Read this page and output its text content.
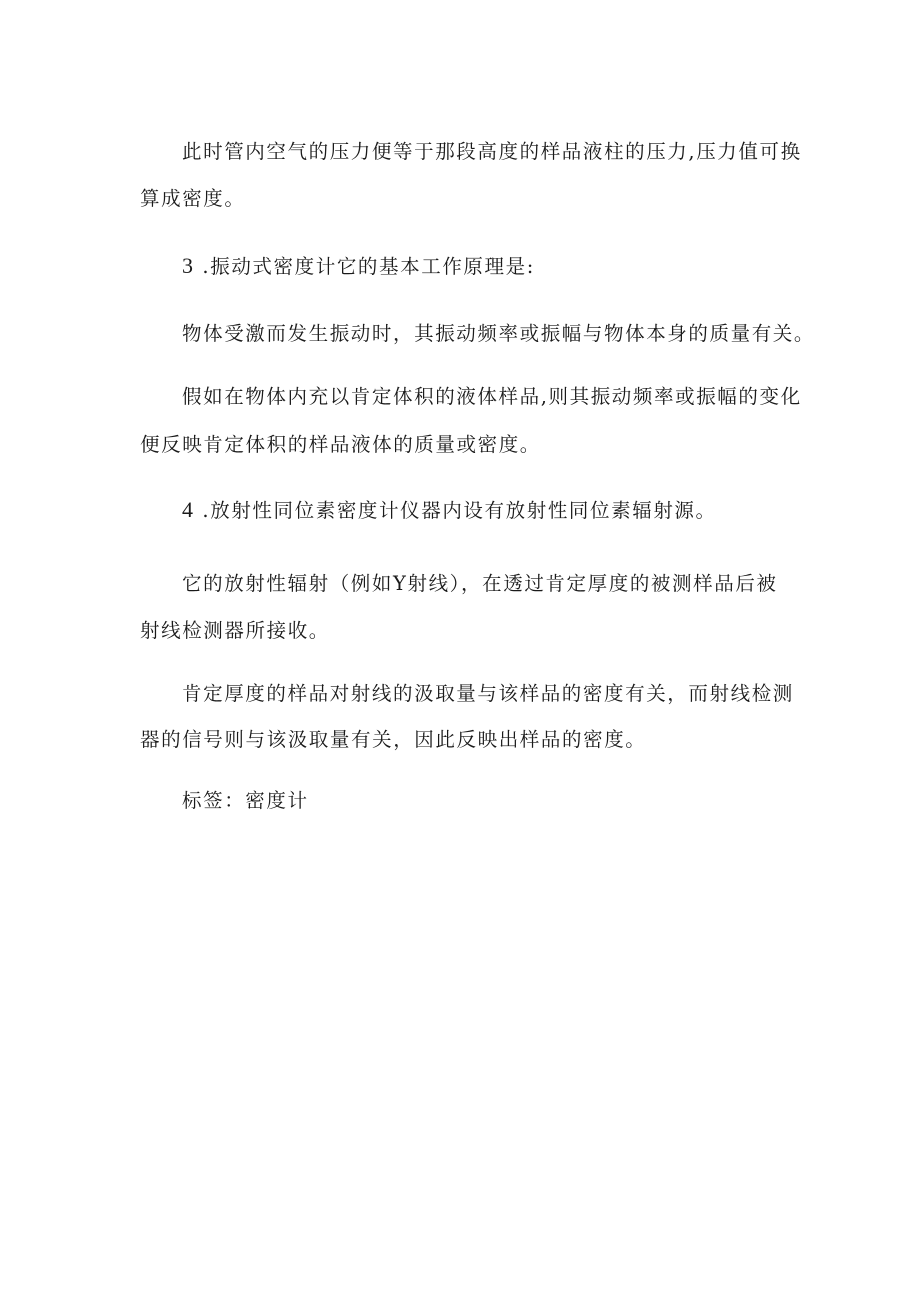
此时管内空气的压力便等于那段高度的样品液柱的压力,压力值可换
算成密度。
3 .振动式密度计它的基本工作原理是:
物体受激而发生振动时，其振动频率或振幅与物体本身的质量有关。
假如在物体内充以肯定体积的液体样品,则其振动频率或振幅的变化
便反映肯定体积的样品液体的质量或密度。
4 .放射性同位素密度计仪器内设有放射性同位素辐射源。
它的放射性辐射（例如Y射线），在透过肯定厚度的被测样品后被
射线检测器所接收。
肯定厚度的样品对射线的汲取量与该样品的密度有关，而射线检测
器的信号则与该汲取量有关，因此反映出样品的密度。
标签：密度计
